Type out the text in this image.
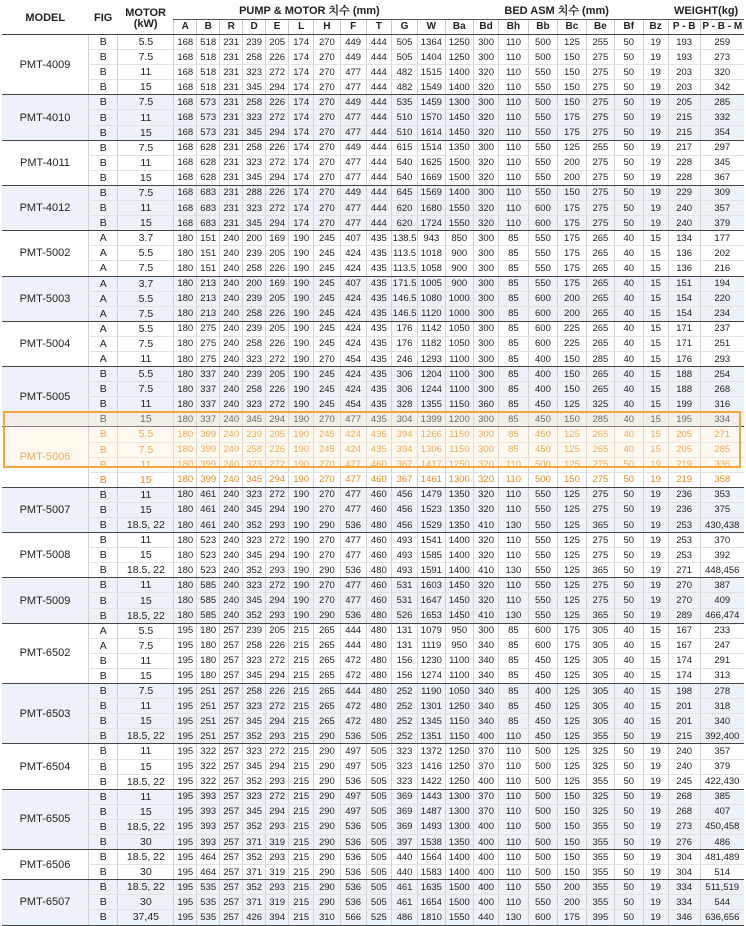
MODEL	FIG	MOTOR
(kW)	PUMP & MOTOR 치수 (mm)											BED ASM 치수 (mm)								WEIGHT(kg)	
			A	B	R	D	E	L	H	F	T	G	W	Ba	Bd	Bh	Bb	Bc	Be	Bf	Bz	P - B	P - B - M
PMT-4009	B	5.5	168	518	231	239	205	174	270	449	444	505	1364	1250	300	110	500	125	255	50	19	193	259
	B	7.5	168	518	231	258	226	174	270	449	444	505	1404	1250	300	110	500	150	275	50	19	193	273
	B	11	168	518	231	323	272	174	270	477	444	482	1515	1400	320	110	550	150	275	50	19	203	320
	B	15	168	518	231	345	294	174	270	477	444	482	1549	1400	320	110	550	150	275	50	19	203	342
PMT-4010	B	7.5	168	573	231	258	226	174	270	449	444	535	1459	1300	300	110	500	150	275	50	19	205	285
	B	11	168	573	231	323	272	174	270	477	444	510	1570	1450	320	110	550	175	275	50	19	215	332
	B	15	168	573	231	345	294	174	270	477	444	510	1614	1450	320	110	550	175	275	50	19	215	354
PMT-4011	B	7.5	168	628	231	258	226	174	270	449	444	615	1514	1350	300	110	550	125	255	50	19	217	297
	B	11	168	628	231	323	272	174	270	477	444	540	1625	1500	320	110	550	200	275	50	19	228	345
	B	15	168	628	231	345	294	174	270	477	444	540	1669	1500	320	110	550	200	275	50	19	228	367
PMT-4012	B	7.5	168	683	231	288	226	174	270	449	444	645	1569	1400	300	110	550	150	275	50	19	229	309
	B	11	168	683	231	323	272	174	270	477	444	620	1680	1550	320	110	600	175	275	50	19	240	357
	B	15	168	683	231	345	294	174	270	477	444	620	1724	1550	320	110	600	175	275	50	19	240	379
PMT-5002	A	3.7	180	151	240	200	169	190	245	407	435	138.5	943	850	300	85	550	175	265	40	15	134	177
	A	5.5	180	151	240	239	205	190	245	424	435	113.5	1018	900	300	85	550	175	265	40	15	136	202
	A	7.5	180	151	240	258	226	190	245	424	435	113.5	1058	900	300	85	550	175	265	40	15	136	216
PMT-5003	A	3.7	180	213	240	200	169	190	245	407	435	171.5	1005	900	300	85	550	175	265	40	15	151	194
	A	5.5	180	213	240	239	205	190	245	424	435	146.5	1080	1000	300	85	600	200	265	40	15	154	220
	A	7.5	180	213	240	258	226	190	245	424	435	146.5	1120	1000	300	85	600	200	265	40	15	154	234
PMT-5004	A	5.5	180	275	240	239	205	190	245	424	435	176	1142	1050	300	85	600	225	265	40	15	171	237
	A	7.5	180	275	240	258	226	190	245	424	435	176	1182	1050	300	85	600	225	265	40	15	171	251
	A	11	180	275	240	323	272	190	270	454	435	246	1293	1100	300	85	400	150	285	40	15	176	293
PMT-5005	B	5.5	180	337	240	239	205	190	245	424	435	306	1204	1100	300	85	400	150	265	40	15	188	254
	B	7.5	180	337	240	258	226	190	245	424	435	306	1244	1100	300	85	400	150	265	40	15	188	268
	B	11	180	337	240	323	272	190	245	454	435	328	1355	1150	360	85	450	125	325	40	15	199	316
	B	15	180	337	240	345	294	190	270	477	435	304	1399	1200	300	85	450	150	285	40	15	195	334
PMT-5006	B	5.5	180	399	240	239	205	190	245	424	435	394	1266	1150	300	85	450	125	265	40	15	205	271
	B	7.5	180	399	240	258	226	190	245	424	435	394	1306	1150	300	85	450	125	265	40	15	205	285
	B	11	180	399	240	323	272	190	270	477	460	367	1417	1250	320	110	500	125	275	50	19	219	336
	B	15	180	399	240	345	294	190	270	477	460	367	1461	1300	320	110	500	150	275	50	19	219	358
PMT-5007	B	11	180	461	240	323	272	190	270	477	460	456	1479	1350	320	110	550	125	275	50	19	236	353
	B	15	180	461	240	345	294	190	270	477	460	456	1523	1350	320	110	550	125	275	50	19	236	375
	B	18.5, 22	180	461	240	352	293	190	290	536	480	456	1529	1350	410	130	550	125	365	50	19	253	430,438
PMT-5008	B	11	180	523	240	323	272	190	270	477	460	493	1541	1400	320	110	550	125	275	50	19	253	370
	B	15	180	523	240	345	294	190	270	477	460	493	1585	1400	320	110	550	125	275	50	19	253	392
	B	18.5, 22	180	523	240	352	293	190	290	536	480	493	1591	1400	410	130	550	125	365	50	19	271	448,456
PMT-5009	B	11	180	585	240	323	272	190	270	477	460	531	1603	1450	320	110	550	125	275	50	19	270	387
	B	15	180	585	240	345	294	190	270	477	460	531	1647	1450	320	110	550	125	275	50	19	270	409
	B	18.5, 22	180	585	240	352	293	190	290	536	480	526	1653	1450	410	130	550	125	365	50	19	289	466,474
PMT-6502	A	5.5	195	180	257	239	205	215	265	444	480	131	1079	950	300	85	600	175	305	40	15	167	233
	A	7.5	195	180	257	258	226	215	265	444	480	131	1119	950	340	85	600	175	305	40	15	167	247
	B	11	195	180	257	323	272	215	265	472	480	156	1230	1100	340	85	450	125	305	40	15	174	291
	B	15	195	180	257	345	294	215	265	472	480	156	1274	1100	340	85	450	125	305	40	15	174	313
PMT-6503	B	7.5	195	251	257	258	226	215	265	444	480	252	1190	1050	340	85	400	125	305	40	15	198	278
	B	11	195	251	257	323	272	215	265	472	480	252	1301	1250	340	85	450	125	305	40	15	201	318
	B	15	195	251	257	345	294	215	265	472	480	252	1345	1150	340	85	450	125	305	40	15	201	340
	B	18.5, 22	195	251	257	352	293	215	290	536	505	252	1351	1150	400	110	450	125	355	50	19	215	392,400
PMT-6504	B	11	195	322	257	323	272	215	290	497	505	323	1372	1250	370	110	500	125	325	50	19	240	357
	B	15	195	322	257	345	294	215	290	497	505	323	1416	1250	370	110	500	125	325	50	19	240	379
	B	18.5, 22	195	322	257	352	293	215	290	536	505	323	1422	1250	400	110	500	125	355	50	19	245	422,430
PMT-6505	B	11	195	393	257	323	272	215	290	497	505	369	1443	1300	370	110	500	150	325	50	19	268	385
	B	15	195	393	257	345	294	215	290	497	505	369	1487	1300	370	110	500	150	325	50	19	268	407
	B	18.5, 22	195	393	257	352	293	215	290	536	505	369	1493	1300	400	110	500	150	355	50	19	273	450,458
	B	30	195	393	257	371	319	215	290	536	505	397	1538	1350	400	110	500	150	355	50	19	276	486
PMT-6506	B	18.5, 22	195	464	257	352	293	215	290	536	505	440	1564	1400	400	110	500	150	355	50	19	304	481,489
	B	30	195	464	257	371	319	215	290	536	505	440	1583	1400	400	110	500	150	355	50	19	304	514
PMT-6507	B	18.5, 22	195	535	257	352	293	215	290	536	505	461	1635	1500	400	110	550	200	355	50	19	334	511,519
	B	30	195	535	257	371	319	215	290	536	505	461	1654	1500	400	110	550	200	355	50	19	334	544
	B	37,45	195	535	257	426	394	215	310	566	525	486	1810	1550	440	130	600	175	395	50	19	346	636,656
